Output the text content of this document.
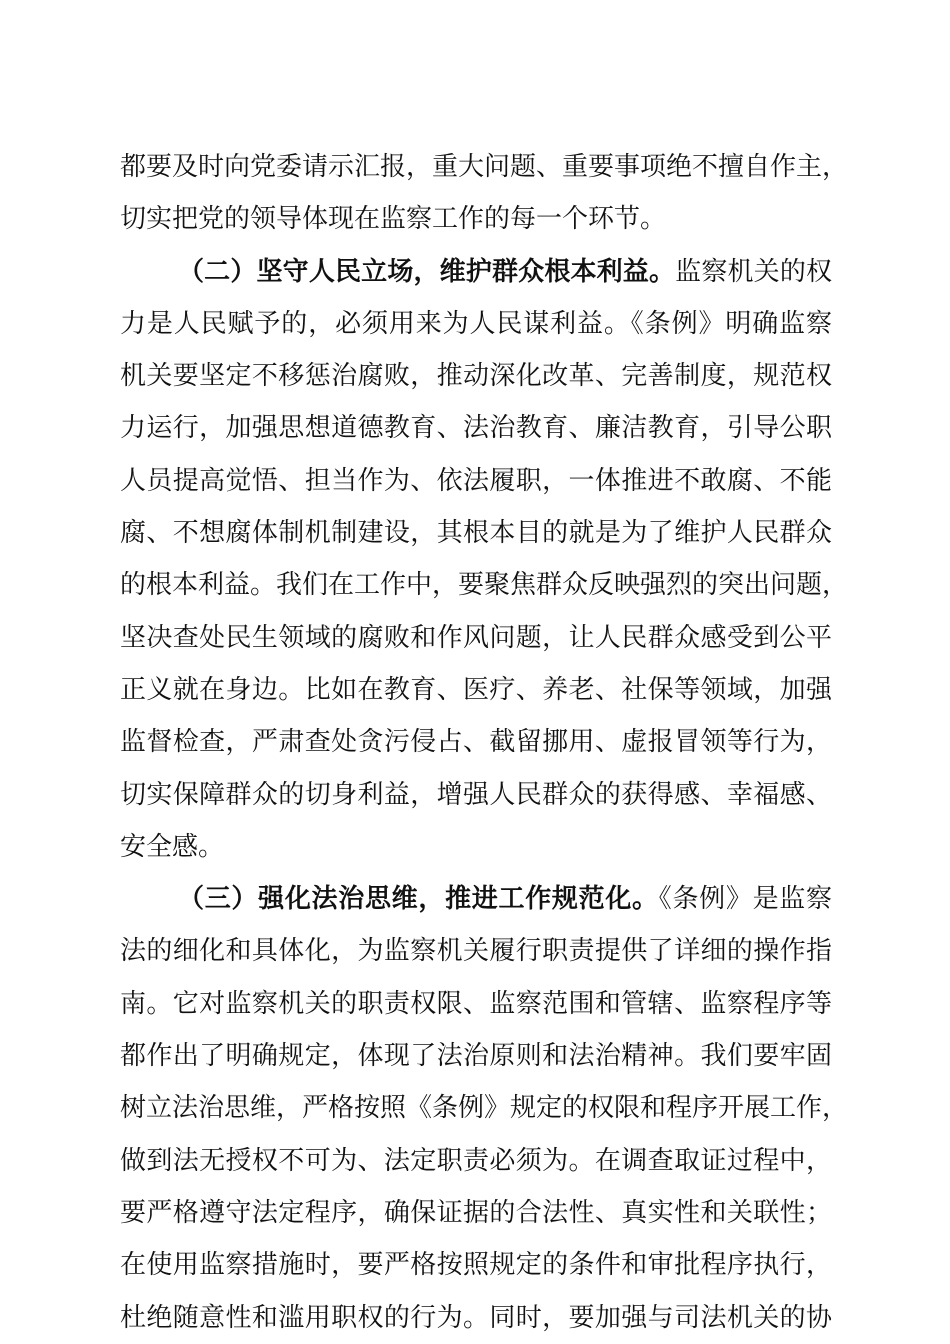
都要及时向党委请示汇报，重大问题、重要事项绝不擅自作主，
切实把党的领导体现在监察工作的每一个环节。
（二）坚守人民立场，维护群众根本利益。监察机关的权
力是人民赋予的，必须用来为人民谋利益。《条例》明确监察
机关要坚定不移惩治腐败，推动深化改革、完善制度，规范权
力运行，加强思想道德教育、法治教育、廉洁教育，引导公职
人员提高觉悟、担当作为、依法履职，一体推进不敢腐、不能
腐、不想腐体制机制建设，其根本目的就是为了维护人民群众
的根本利益。我们在工作中，要聚焦群众反映强烈的突出问题，
坚决查处民生领域的腐败和作风问题，让人民群众感受到公平
正义就在身边。比如在教育、医疗、养老、社保等领域，加强
监督检查，严肃查处贪污侵占、截留挪用、虚报冒领等行为，
切实保障群众的切身利益，增强人民群众的获得感、幸福感、
安全感。
（三）强化法治思维，推进工作规范化。《条例》是监察
法的细化和具体化，为监察机关履行职责提供了详细的操作指
南。它对监察机关的职责权限、监察范围和管辖、监察程序等
都作出了明确规定，体现了法治原则和法治精神。我们要牢固
树立法治思维，严格按照《条例》规定的权限和程序开展工作，
做到法无授权不可为、法定职责必须为。在调查取证过程中，
要严格遵守法定程序，确保证据的合法性、真实性和关联性；
在使用监察措施时，要严格按照规定的条件和审批程序执行，
杜绝随意性和滥用职权的行为。同时，要加强与司法机关的协
